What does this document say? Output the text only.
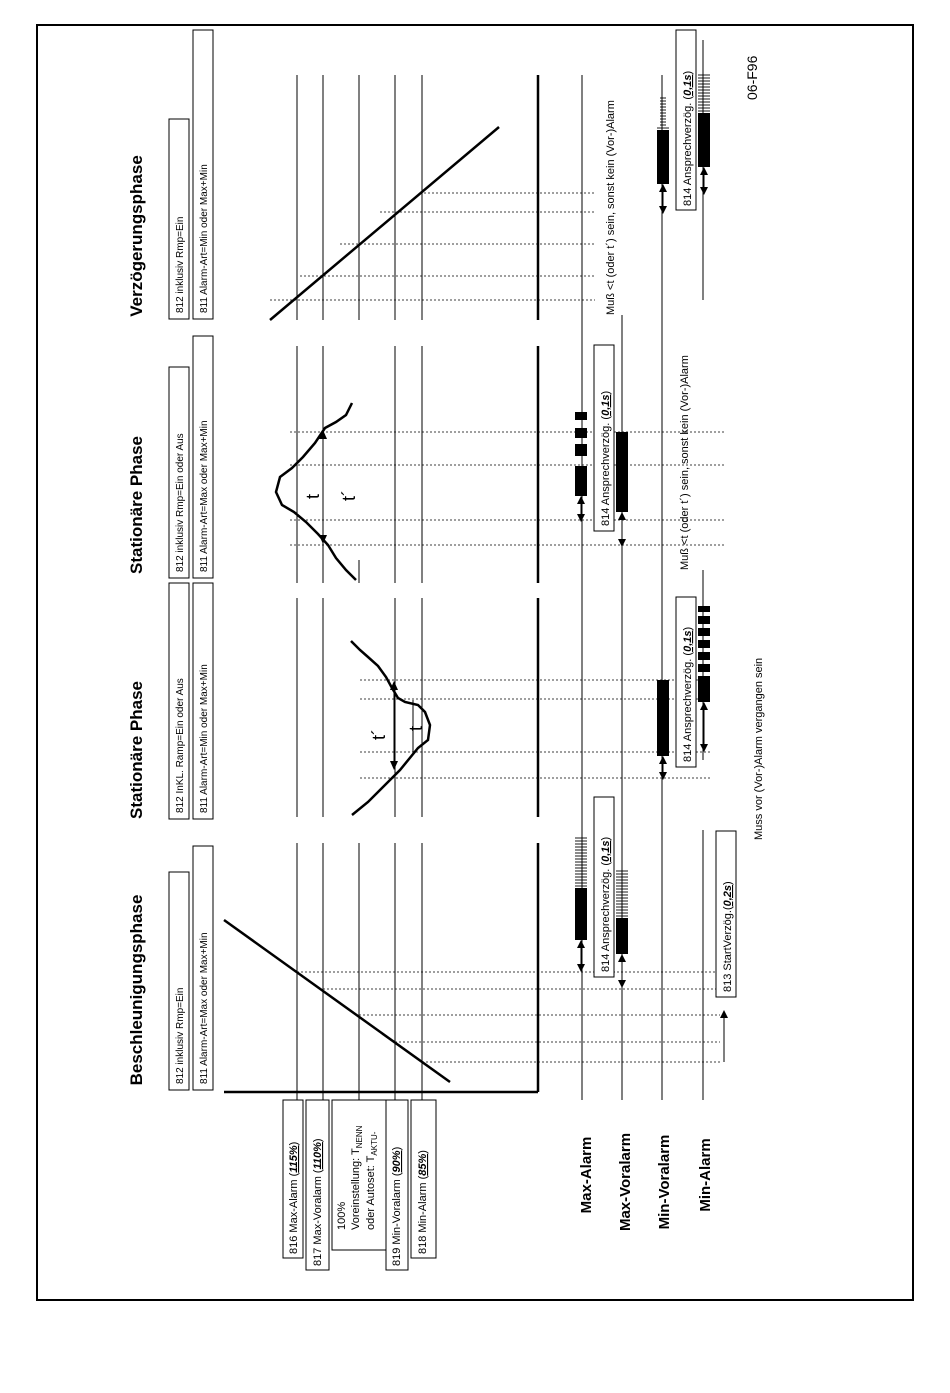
06-F96
Beschleunigungsphase	812 inklusiv Rmp=Ein 811 Alarm-Art=Max oder Max+Min
Stationäre Phase	812 InKL. Ramp=Ein oder Aus 811 Alarm-Art=Min oder Max+Min
Stationäre Phase	812 inklusiv Rmp=Ein oder Aus 811 Alarm-Art=Max oder Max+Min
Verzögerungsphase	812 inklusiv Rmp=Ein 811 Alarm-Art=Min oder Max+Min
816 Max-Alarm (115%)
817 Max-Voralarm (110%)
100% Voreinstellung: $T_{NENN}$
oder Autoset: $T_{AKTU-}$
819 Min-Voralarm (90%)
818 Min-Alarm (85%)
t
t´
t t´
Max-Alarm Max-Voralarm Min-Voralarm Min-Alarm
814 Ansprechverzög. (0,1s)
813 StartVerzög.(0,2s)
814 Ansprechverzög. (0,1s)
814 Ansprechverzög. (0,1s)
814 Ansprechverzög. (0,1s)
Muss vor (Vor-)Alarm vergangen sein
Muß <t (oder t´) sein, sonst kein (Vor-)Alarm
Muß <t (oder t´) sein, sonst kein (Vor-)Alarm
